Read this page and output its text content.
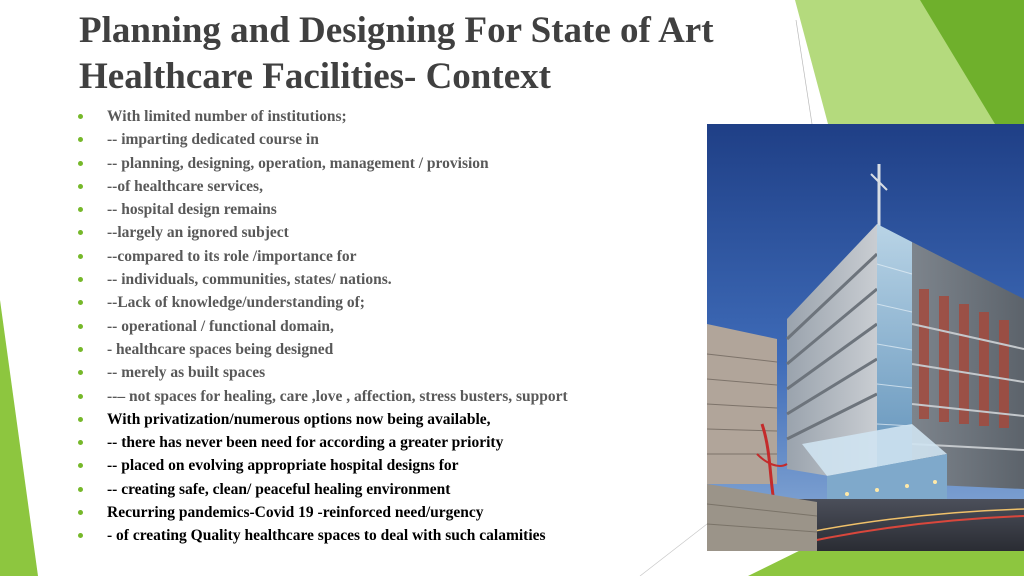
Planning and Designing For State of Art Healthcare Facilities- Context
With limited number of institutions;
-- imparting dedicated course in
-- planning, designing, operation, management / provision
--of healthcare services,
-- hospital design remains
--largely an ignored subject
--compared to its role /importance for
-- individuals, communities, states/ nations.
--Lack of knowledge/understanding of;
-- operational / functional domain,
- healthcare spaces being designed
-- merely as built spaces
--– not spaces for healing, care ,love , affection, stress busters, support
With privatization/numerous options now being available,
-- there has never been need for according a greater priority
-- placed on evolving appropriate hospital designs for
-- creating safe, clean/ peaceful healing environment
Recurring pandemics-Covid 19 -reinforced need/urgency
- of creating Quality healthcare spaces to deal with such calamities
